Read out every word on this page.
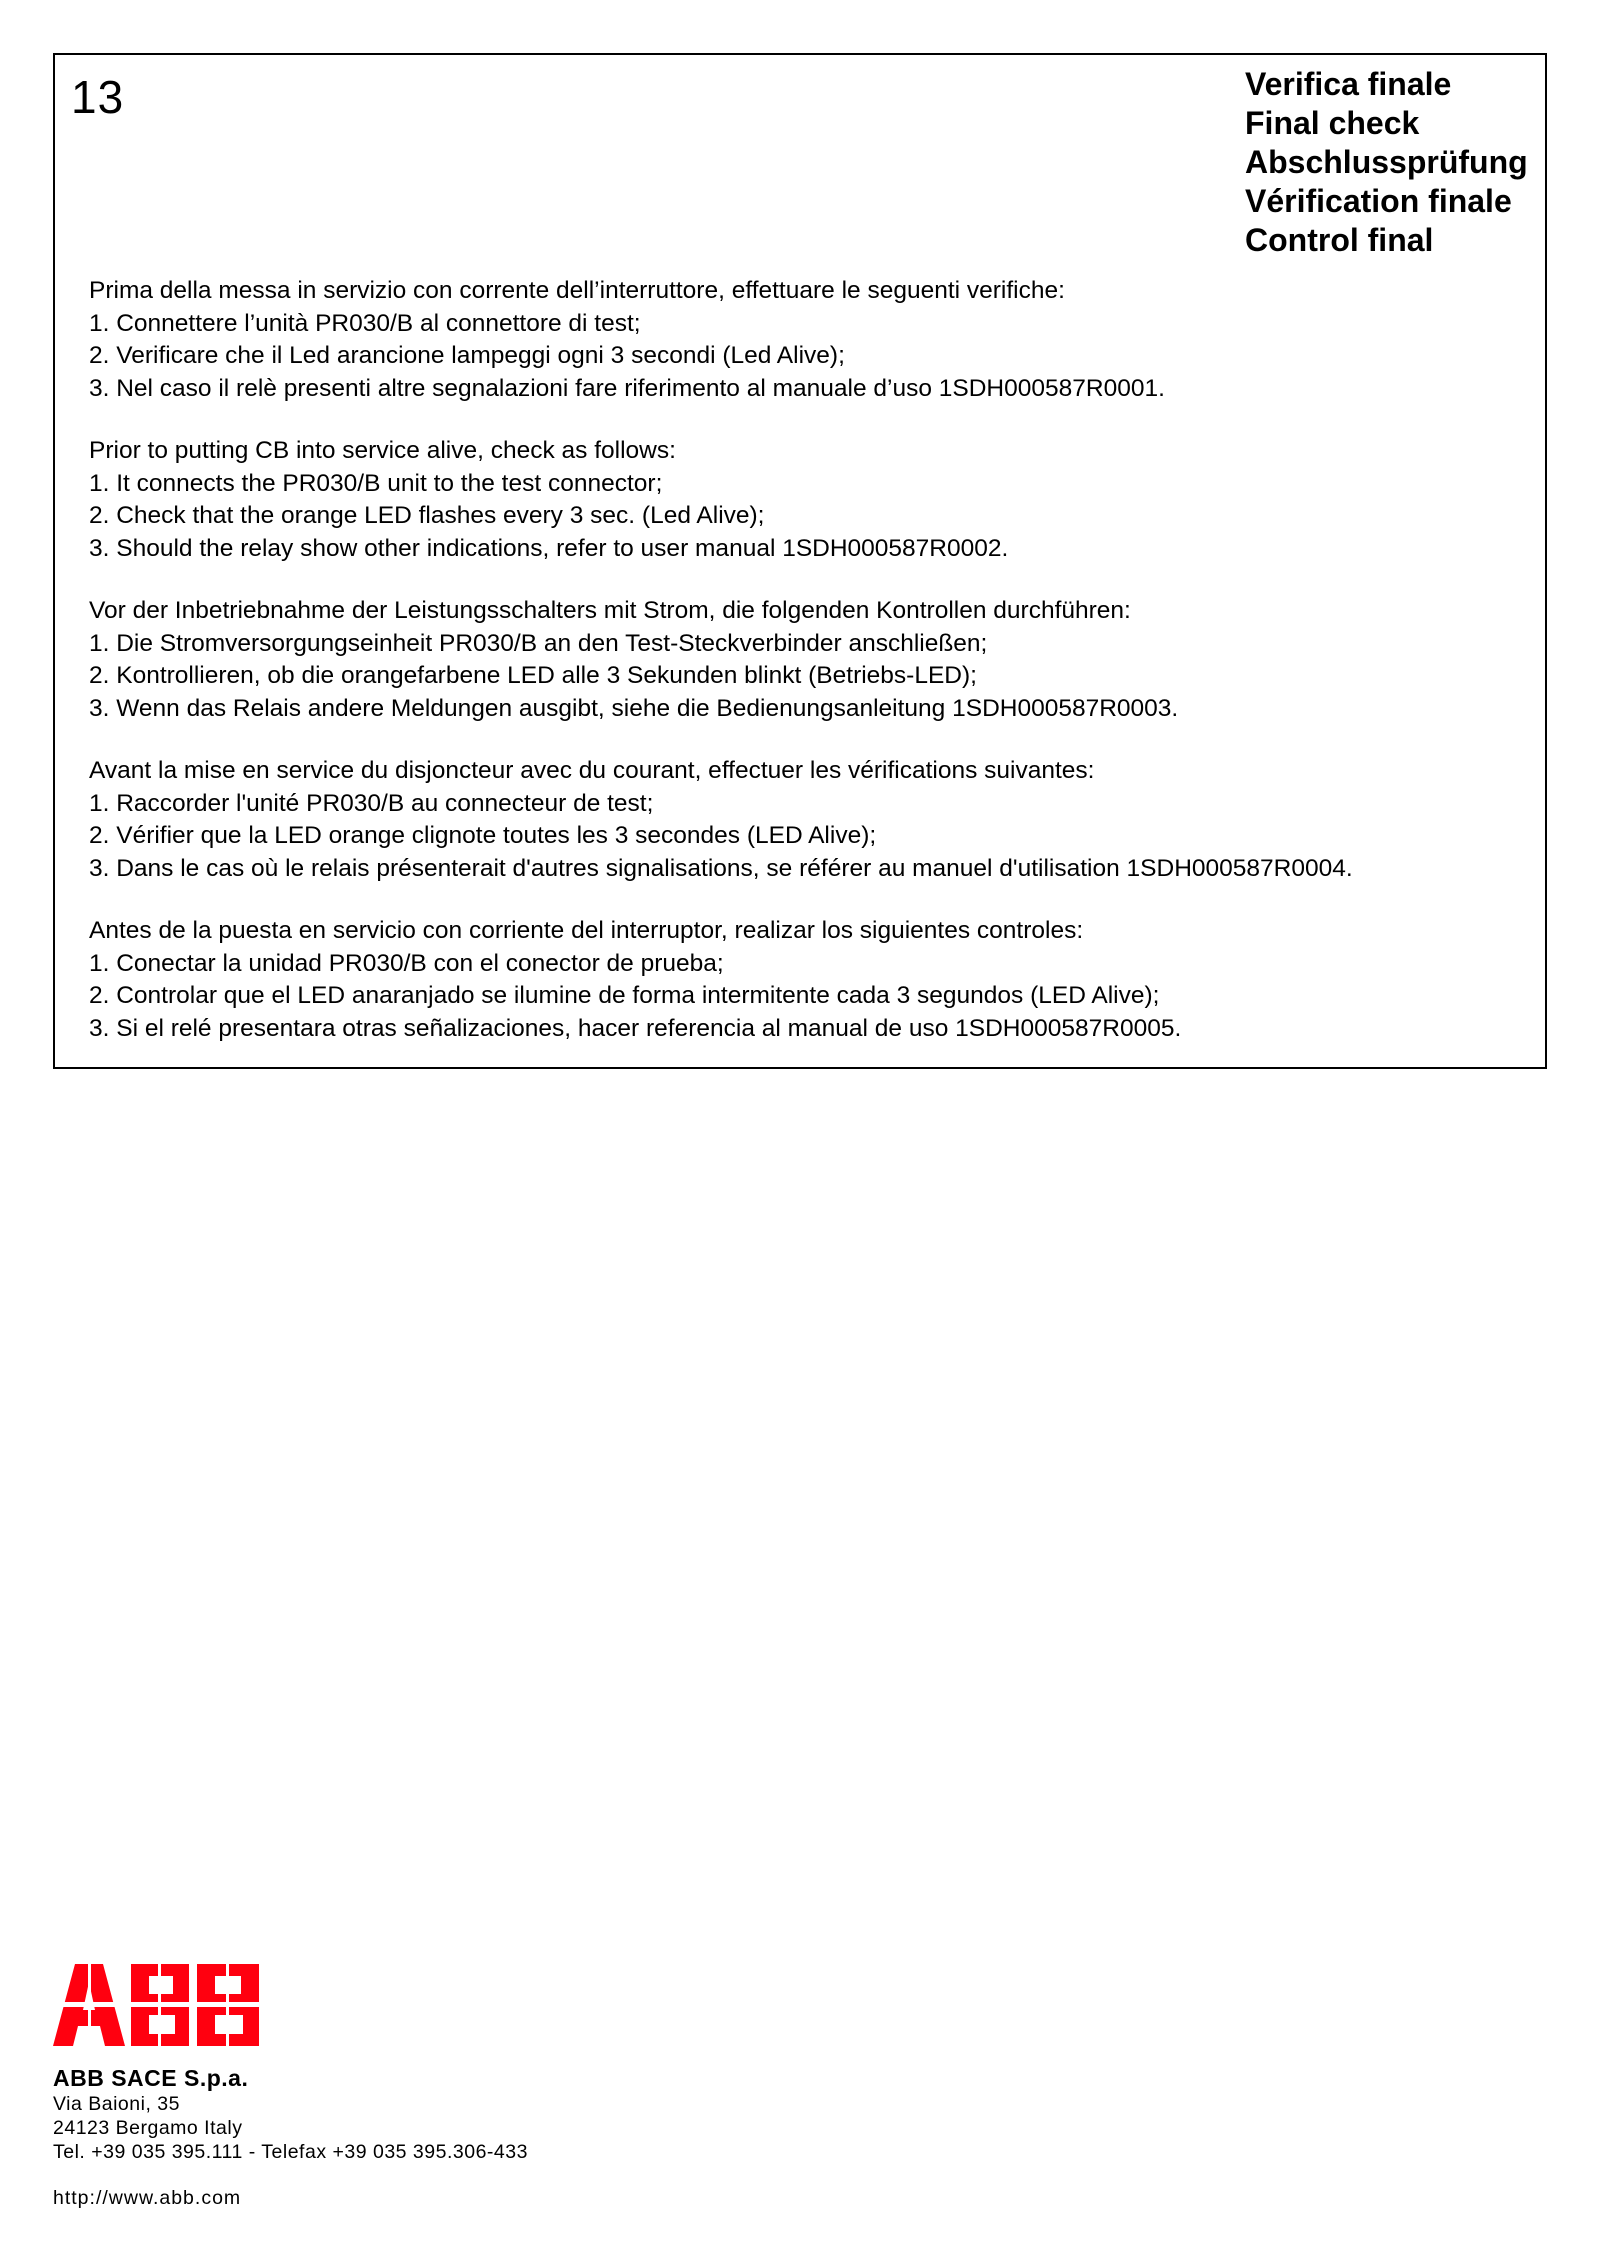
13	Verifica finale
Final check
Abschlussprüfung
Vérification finale
Control final
Prima della messa in servizio con corrente dell’interruttore, effettuare le seguenti verifiche:
1. Connettere l’unità PR030/B al connettore di test;
2. Verificare che il Led arancione lampeggi ogni 3 secondi (Led Alive);
3. Nel caso il relè presenti altre segnalazioni fare riferimento al manuale d’uso 1SDH000587R0001.
Prior to putting CB into service alive, check as follows:
1. It connects the PR030/B unit to the test connector;
2. Check that the orange LED flashes every 3 sec. (Led Alive);
3. Should the relay show other indications, refer to user manual 1SDH000587R0002.
Vor der Inbetriebnahme der Leistungsschalters mit Strom, die folgenden Kontrollen durchführen:
1. Die Stromversorgungseinheit PR030/B an den Test-Steckverbinder anschließen;
2. Kontrollieren, ob die orangefarbene LED alle 3 Sekunden blinkt (Betriebs-LED);
3. Wenn das Relais andere Meldungen ausgibt, siehe die Bedienungsanleitung 1SDH000587R0003.
Avant la mise en service du disjoncteur avec du courant, effectuer les vérifications suivantes:
1. Raccorder l'unité PR030/B au connecteur de test;
2. Vérifier que la LED orange clignote toutes les 3 secondes (LED Alive);
3. Dans le cas où le relais présenterait d'autres signalisations, se référer au manuel d'utilisation 1SDH000587R0004.
Antes de la puesta en servicio con corriente del interruptor, realizar los siguientes controles:
1. Conectar la unidad PR030/B con el conector de prueba;
2. Controlar que el LED anaranjado se ilumine de forma intermitente cada 3 segundos (LED Alive);
3. Si el relé presentara otras señalizaciones, hacer referencia al manual de uso 1SDH000587R0005.
ABB SACE S.p.a.
Via Baioni, 35
24123 Bergamo Italy
Tel. +39 035 395.111 - Telefax +39 035 395.306-433
http://www.abb.com
